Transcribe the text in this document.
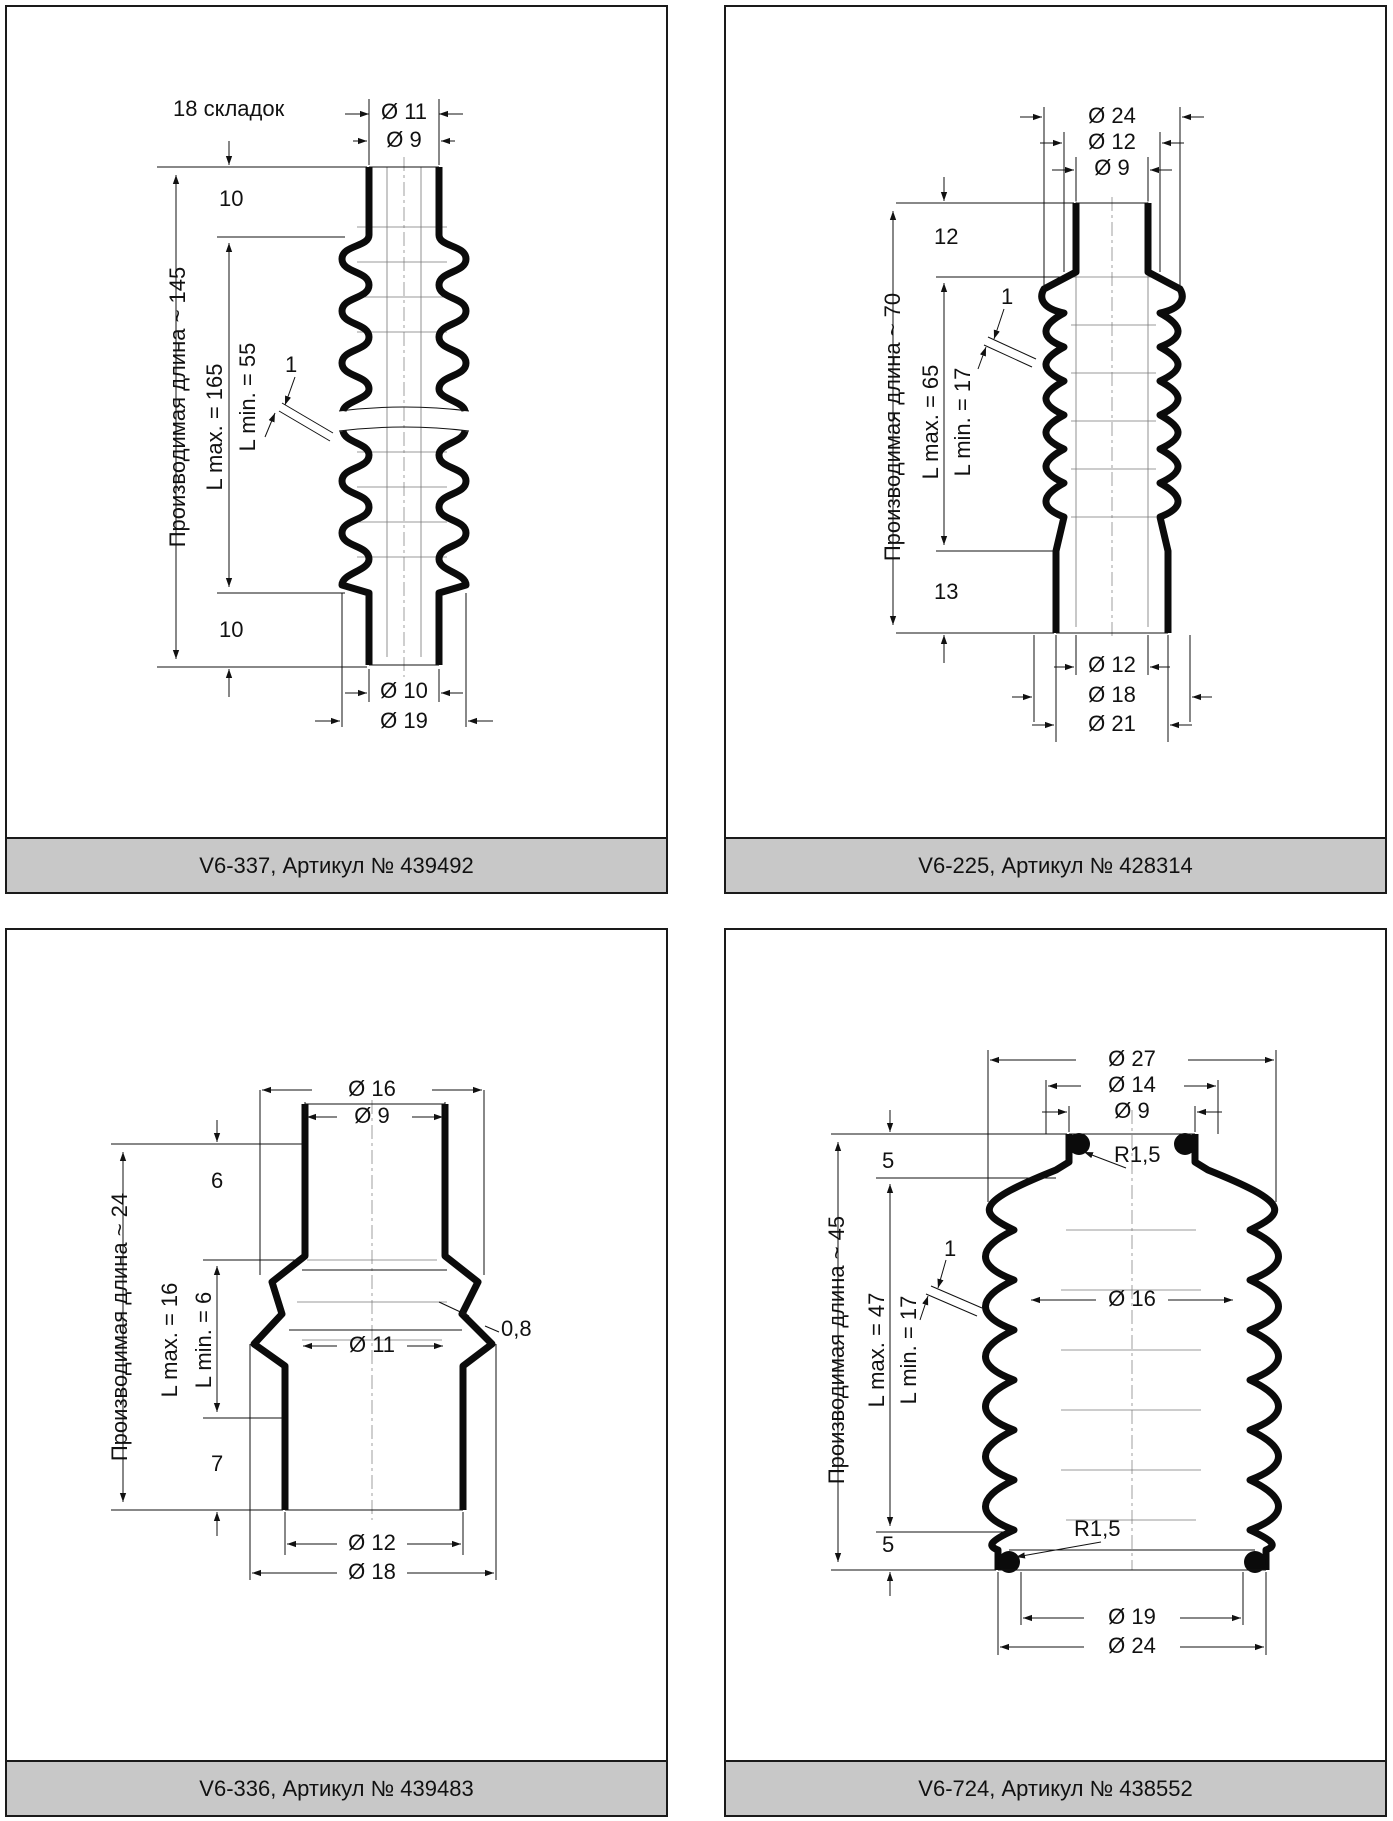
Ø 11
Ø 9
18 складок
Производимая длина ~ 145
10
10
L max. = 165 L min. = 55 1
Ø 10
Ø 19
V6-337, Артикул № 439492
Ø 24
Ø 12
Ø 9
Производимая длина ~ 70
12
13
L max. = 65 L min. = 17
1
Ø 12
Ø 18
Ø 21
V6-225, Артикул № 428314
Ø 16
Ø 9
Ø 11
0,8
Производимая длина ~ 24
6
7
L max. = 16 L min. = 6
Ø 12
Ø 18
V6-336, Артикул № 439483
Ø 27
Ø 14
Ø 9
R1,5
R1,5
Ø 16
Производимая длина ~ 45
5
5
L max. = 47 L min. = 17
1
Ø 19
Ø 24
V6-724, Артикул № 438552
